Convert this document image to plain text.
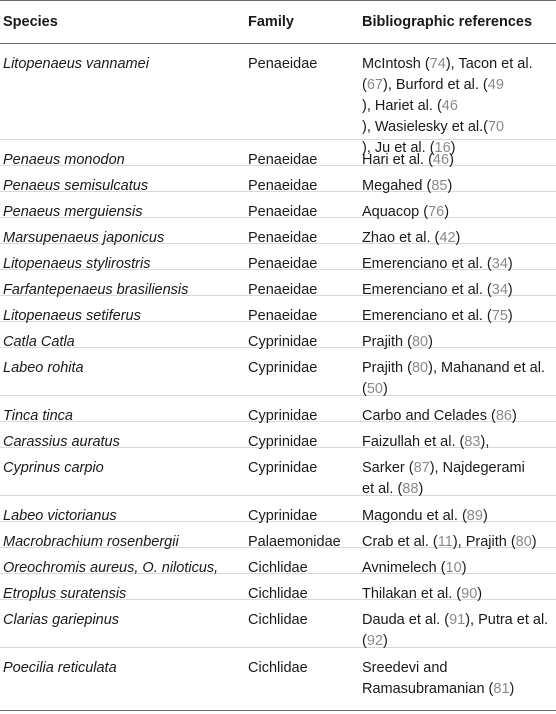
Species	Family	Bibliographic references
Litopenaeus vannamei	Penaeidae	McIntosh (74), Tacon et al.
(67), Burford et al. (49
), Hariet al. (46
), Wasielesky et al.(70
), Ju et al. (16)
Penaeus monodon	Penaeidae	Hari et al. (46)
Penaeus semisulcatus	Penaeidae	Megahed (85)
Penaeus merguiensis	Penaeidae	Aquacop (76)
Marsupenaeus japonicus	Penaeidae	Zhao et al. (42)
Litopenaeus stylirostris	Penaeidae	Emerenciano et al. (34)
Farfantepenaeus brasiliensis	Penaeidae	Emerenciano et al. (34)
Litopenaeus setiferus	Penaeidae	Emerenciano et al. (75)
Catla Catla	Cyprinidae	Prajith (80)
Labeo rohita	Cyprinidae	Prajith (80), Mahanand et al.
(50)
Tinca tinca	Cyprinidae	Carbo and Celades (86)
Carassius auratus	Cyprinidae	Faizullah et al. (83),
Cyprinus carpio	Cyprinidae	Sarker (87), Najdegerami
et al. (88)
Labeo victorianus	Cyprinidae	Magondu et al. (89)
Macrobrachium rosenbergii	Palaemonidae	Crab et al. (11), Prajith (80)
Oreochromis aureus, O. niloticus,	Cichlidae	Avnimelech (10)
Etroplus suratensis	Cichlidae	Thilakan et al. (90)
Clarias gariepinus	Cichlidae	Dauda et al. (91), Putra et al.
(92)
Poecilia reticulata	Cichlidae	Sreedevi and
Ramasubramanian (81)
